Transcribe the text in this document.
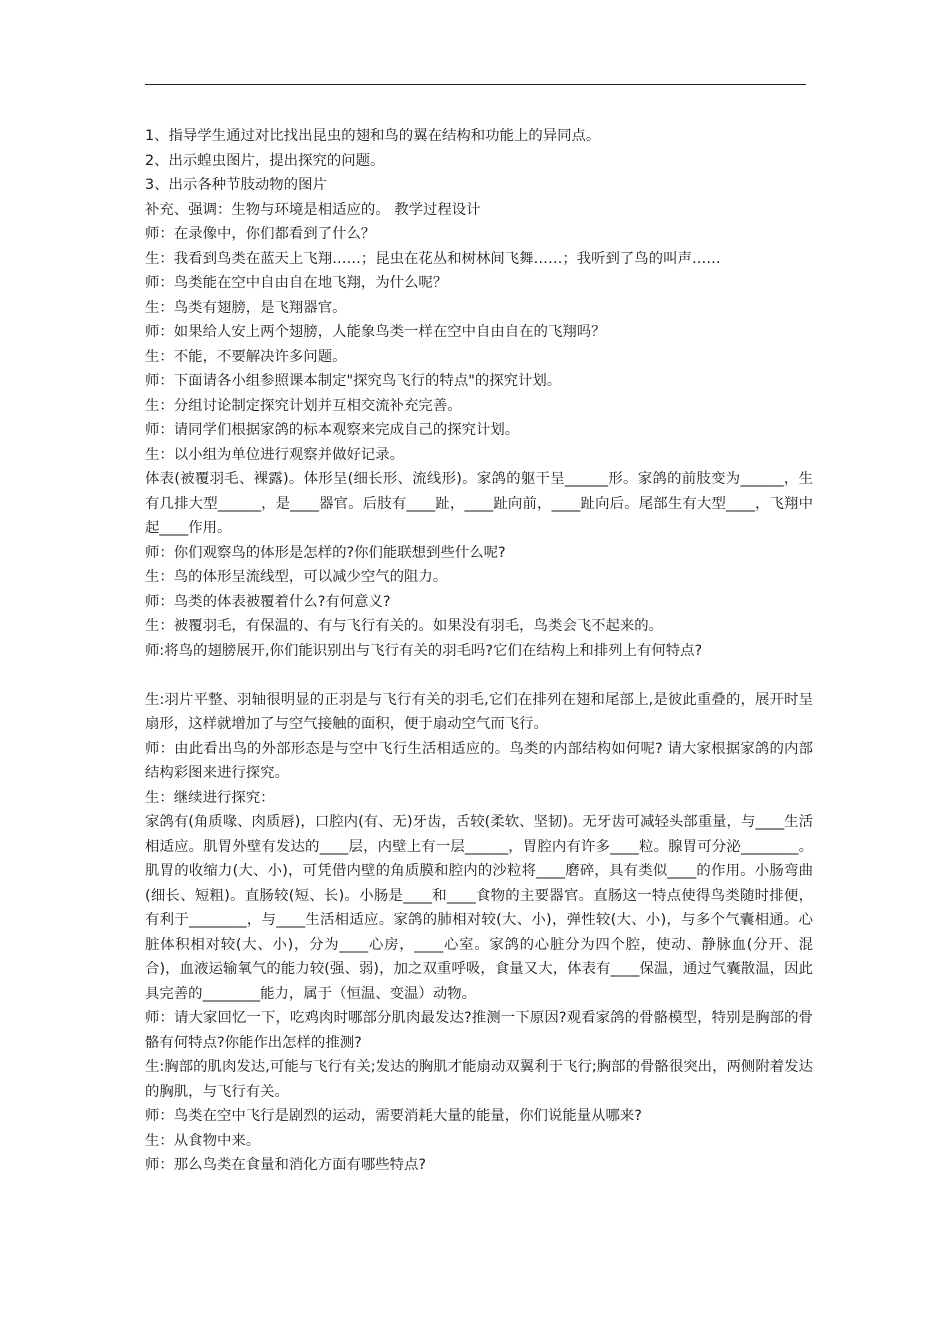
1、指导学生通过对比找出昆虫的翅和鸟的翼在结构和功能上的异同点。

2、出示蝗虫图片，提出探究的问题。

3、出示各种节肢动物的图片

补充、强调：生物与环境是相适应的。 教学过程设计

师：在录像中，你们都看到了什么？

生：我看到鸟类在蓝天上飞翔……；昆虫在花丛和树林间飞舞……；我听到了鸟的叫声……

师：鸟类能在空中自由自在地飞翔，为什么呢？

生：鸟类有翅膀，是飞翔器官。

师：如果给人安上两个翅膀，人能象鸟类一样在空中自由自在的飞翔吗？

生：不能，不要解决许多问题。

师：下面请各小组参照课本制定"探究鸟飞行的特点"的探究计划。

生：分组讨论制定探究计划并互相交流补充完善。

师：请同学们根据家鸽的标本观察来完成自己的探究计划。

生：以小组为单位进行观察并做好记录。

体表(被覆羽毛、裸露)。体形呈(细长形、流线形)。家鸽的躯干呈______形。家鸽的前肢变为______，生有几排大型______，是____器官。后肢有____趾，____趾向前，____趾向后。尾部生有大型____，飞翔中起____作用。

师：你们观察鸟的体形是怎样的?你们能联想到些什么呢?

生：鸟的体形呈流线型，可以减少空气的阻力。

师：鸟类的体表被覆着什么?有何意义?

生：被覆羽毛，有保温的、有与飞行有关的。如果没有羽毛，鸟类会飞不起来的。

师:将鸟的翅膀展开,你们能识别出与飞行有关的羽毛吗?它们在结构上和排列上有何特点?

生:羽片平整、羽轴很明显的正羽是与飞行有关的羽毛,它们在排列在翅和尾部上,是彼此重叠的，展开时呈扇形，这样就增加了与空气接触的面积，便于扇动空气而飞行。

师：由此看出鸟的外部形态是与空中飞行生活相适应的。鸟类的内部结构如何呢? 请大家根据家鸽的内部结构彩图来进行探究。

生：继续进行探究：

家鸽有(角质喙、肉质唇)，口腔内(有、无)牙齿，舌较(柔软、坚韧)。无牙齿可减轻头部重量，与____生活相适应。肌胃外壁有发达的____层，内壁上有一层______，胃腔内有许多____粒。腺胃可分泌________。肌胃的收缩力(大、小)，可凭借内壁的角质膜和腔内的沙粒将____磨碎，具有类似____的作用。小肠弯曲(细长、短粗)。直肠较(短、长)。小肠是____和____食物的主要器官。直肠这一特点使得鸟类随时排便，有利于________，与____生活相适应。家鸽的肺相对较(大、小)，弹性较(大、小)，与多个气囊相通。心脏体积相对较(大、小)，分为____心房，____心室。家鸽的心脏分为四个腔，使动、静脉血(分开、混合)，血液运输氧气的能力较(强、弱)，加之双重呼吸，食量又大，体表有____保温，通过气囊散温，因此具完善的________能力，属于（恒温、变温）动物。

师：请大家回忆一下，吃鸡肉时哪部分肌肉最发达?推测一下原因?观看家鸽的骨骼模型，特别是胸部的骨骼有何特点?你能作出怎样的推测?

生:胸部的肌肉发达,可能与飞行有关;发达的胸肌才能扇动双翼利于飞行;胸部的骨骼很突出，两侧附着发达的胸肌，与飞行有关。

师：鸟类在空中飞行是剧烈的运动，需要消耗大量的能量，你们说能量从哪来?

生：从食物中来。

师：那么鸟类在食量和消化方面有哪些特点?
